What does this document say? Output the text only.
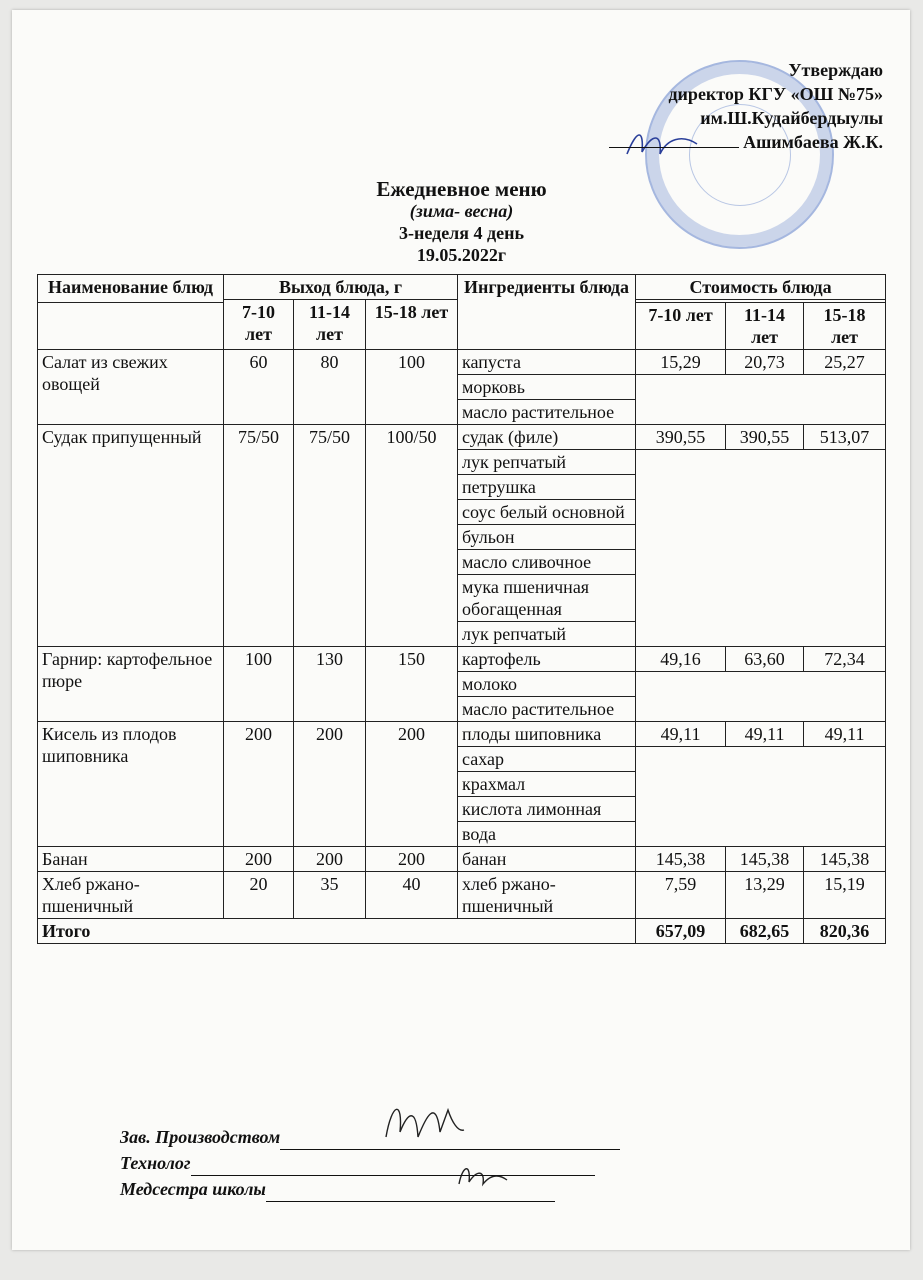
Утверждаю
директор КГУ «ОШ №75»
им.Ш.Кудайбердыулы
Ашимбаева Ж.К.
Ежедневное меню
(зима- весна)
3-неделя 4 день
19.05.2022г
Наименование блюд	Выход блюда, г			Ингредиенты блюда	Стоимость блюда		
	7-10 лет	11-14 лет	15-18 лет				
					7-10 лет	11-14 лет	15-18 лет
Салат из свежих овощей	60	80	100	капуста	15,29	20,73	25,27
				морковь			
				масло растительное			
Судак припущенный	75/50	75/50	100/50	судак (филе)	390,55	390,55	513,07
				лук репчатый			
				петрушка			
				соус белый основной			
				бульон			
				масло сливочное			
				мука пшеничная обогащенная			
				лук репчатый			
Гарнир: картофельное пюре	100	130	150	картофель	49,16	63,60	72,34
				молоко			
				масло растительное			
Кисель из плодов шиповника	200	200	200	плоды шиповника	49,11	49,11	49,11
				сахар			
				крахмал			
				кислота лимонная			
				вода			
Банан	200	200	200	банан	145,38	145,38	145,38
Хлеб ржано-пшеничный	20	35	40	хлеб ржано-пшеничный	7,59	13,29	15,19
Итого					657,09	682,65	820,36
Зав. Производством
Технолог
Медсестра школы
